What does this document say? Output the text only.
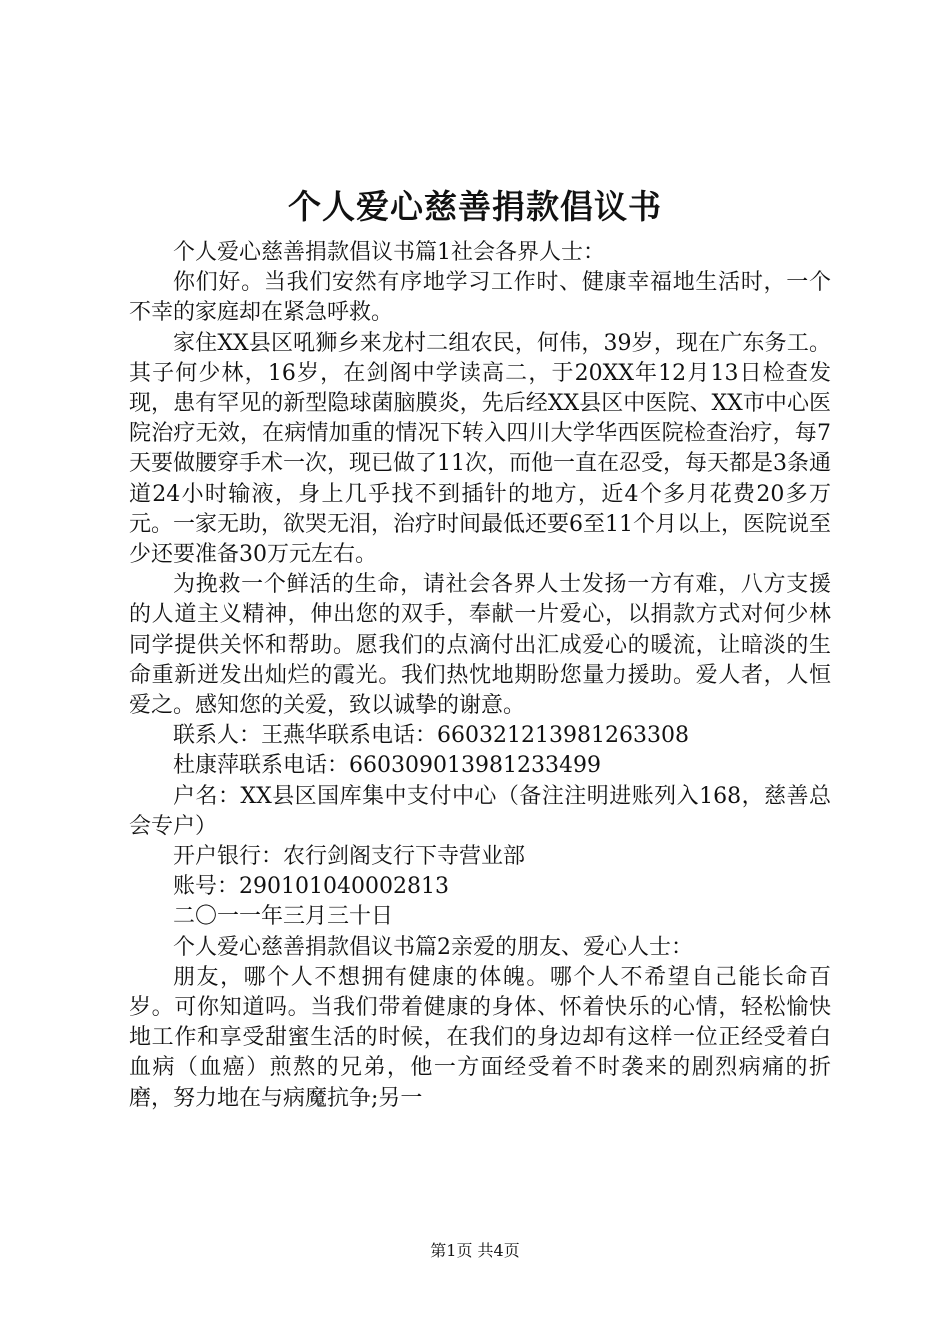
个人爱心慈善捐款倡议书

个人爱心慈善捐款倡议书篇1社会各界人士：

你们好。当我们安然有序地学习工作时、健康幸福地生活时，一个不幸的家庭却在紧急呼救。

家住XX县区吼狮乡来龙村二组农民，何伟，39岁，现在广东务工。其子何少林，16岁，在剑阁中学读高二，于20XX年12月13日检查发现，患有罕见的新型隐球菌脑膜炎，先后经XX县区中医院、XX市中心医院治疗无效，在病情加重的情况下转入四川大学华西医院检查治疗，每7天要做腰穿手术一次，现已做了11次，而他一直在忍受，每天都是3条通道24小时输液，身上几乎找不到插针的地方，近4个多月花费20多万元。一家无助，欲哭无泪，治疗时间最低还要6至11个月以上，医院说至少还要准备30万元左右。

为挽救一个鲜活的生命，请社会各界人士发扬一方有难，八方支援的人道主义精神，伸出您的双手，奉献一片爱心，以捐款方式对何少林同学提供关怀和帮助。愿我们的点滴付出汇成爱心的暖流，让暗淡的生命重新迸发出灿烂的霞光。我们热忱地期盼您量力援助。爱人者，人恒爱之。感知您的关爱，致以诚挚的谢意。

联系人：王燕华联系电话：660321213981263308

杜康萍联系电话：660309013981233499

户名：XX县区国库集中支付中心（备注注明进账列入168，慈善总会专户）

开户银行：农行剑阁支行下寺营业部

账号：290101040002813

二〇一一年三月三十日

个人爱心慈善捐款倡议书篇2亲爱的朋友、爱心人士：

朋友，哪个人不想拥有健康的体魄。哪个人不希望自己能长命百岁。可你知道吗。当我们带着健康的身体、怀着快乐的心情，轻松愉快地工作和享受甜蜜生活的时候，在我们的身边却有这样一位正经受着白血病（血癌）煎熬的兄弟，他一方面经受着不时袭来的剧烈病痛的折磨，努力地在与病魔抗争;另一

第1页 共4页
